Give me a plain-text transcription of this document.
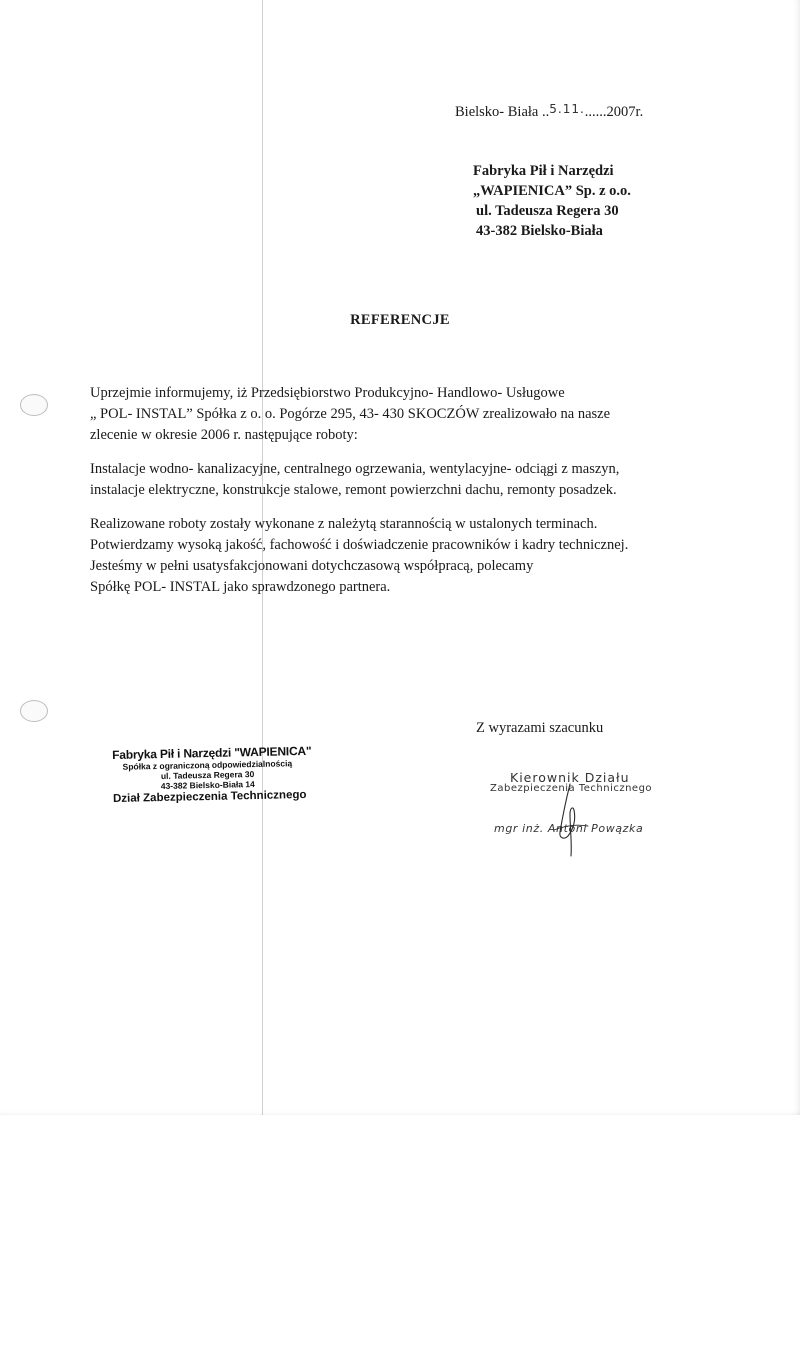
Bielsko- Biała ..$^{5.11.}$......2007r.
Fabryka Pił i Narzędzi
„WAPIENICA” Sp. z o.o.
ul. Tadeusza Regera 30
43-382 Bielsko-Biała
REFERENCJE
Uprzejmie informujemy, iż Przedsiębiorstwo Produkcyjno- Handlowo- Usługowe
„ POL- INSTAL” Spółka z o. o. Pogórze 295, 43- 430 SKOCZÓW zrealizowało na nasze
zlecenie w okresie 2006 r. następujące roboty:
Instalacje wodno- kanalizacyjne, centralnego ogrzewania, wentylacyjne- odciągi z maszyn,
instalacje elektryczne, konstrukcje stalowe, remont powierzchni dachu, remonty posadzek.
Realizowane roboty zostały wykonane z należytą starannością w ustalonych terminach.
Potwierdzamy wysoką jakość, fachowość i doświadczenie pracowników i kadry technicznej.
Jesteśmy w pełni usatysfakcjonowani dotychczasową współpracą, polecamy
Spółkę POL- INSTAL jako sprawdzonego partnera.
Z wyrazami szacunku
Fabryka Pił i Narzędzi "WAPIENICA"
Spółka z ograniczoną odpowiedzialnością
ul. Tadeusza Regera 30
43-382 Bielsko-Biała 14
Dział Zabezpieczenia Technicznego
Kierownik Działu
Zabezpieczenia Technicznego
mgr inż. Antoni Powązka
